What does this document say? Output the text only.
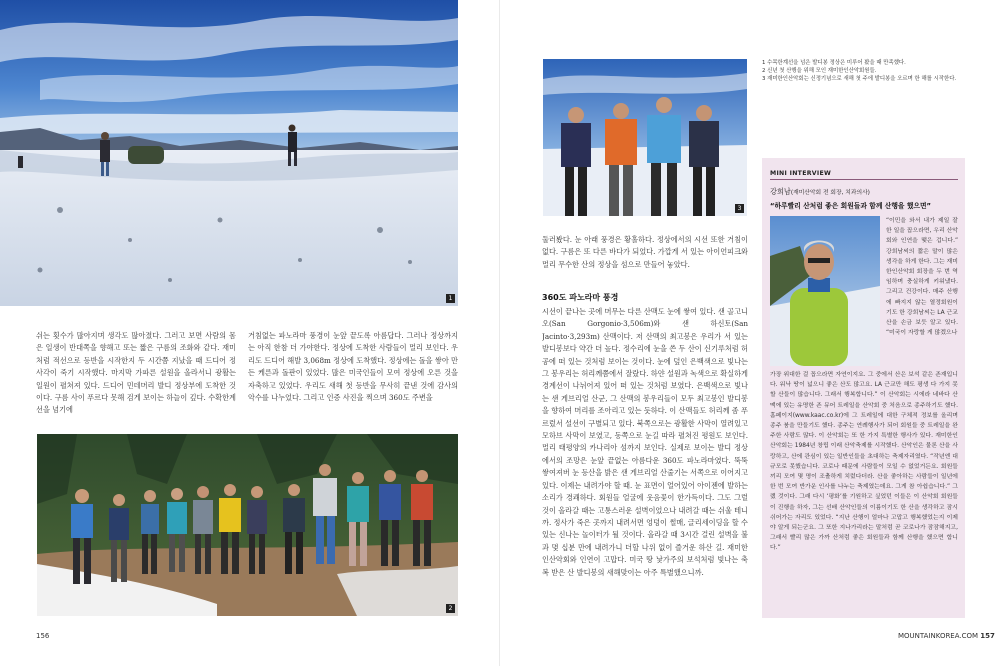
1
쉬는 횟수가 많아지며 생각도 많아졌다. 그러고 보면 사람의 몸은 일생이 반대쪽을 향해고 또는 짧은 구름의 조화와 같다. 재미처럼 적선으로 등반을 시작한지 두 시간쯤 지났을 때 드디어 정사각이 죽기 시작했다. 마지막 가파른 설원을 올라서니 광활는 일원이 펼쳐져 있다. 드디어 민데머리 발디 정상부에 도착한 것이다. 구름 사이 푸르다 못해 검게 보이는 하늘이 깊다. 수확한계선을 넘기에
거침없는 파노라마 풍경이 눈앞 끝도록 아름답다. 그러나 정상까지는 아직 한참 더 가야한다. 정상에 도착한 사람들이 멀리 보인다. 우리도 드디어 해발 3,068m 정상에 도착했다. 정상에는 돌을 쌓아 만든 케른과 돌판이 있었다. 많은 미국인들이 모여 정상에 오른 것을 자축하고 있었다. 우리도 새해 첫 등반을 무사히 끝낸 것에 감사의 악수를 나누었다. 그리고 인증 사진을 찍으며 360도 주변을
2
156
3
1 수목한계선을 넘은 발디봉 정상은 미루어 봤을 때 만족했다.
2 신년 첫 산행을 위해 모인 재미한인산악회원들.
3 재미한인산악회는 신정기념으로 새해 첫 주에 발디봉을 오르며 한 해를 시작한다.
둘러봤다. 눈 아래 풍경은 황홀하다. 정상에서의 시선 또한 거침이 없다. 구름은 또 다른 바다가 되었다. 가깝게 서 있는 아이언피크와 멀리 무수한 산의 정상을 섬으로 만들어 놓았다.
360도 파노라마 풍경
시선이 끝나는 곳에 머무는 다른 산맥도 눈에 쌓여 있다. 샌 골고니오(San Gorgonio·3,506m)와 샌 하신토(San Jacinto·3,293m) 산맥이다. 저 산맥의 최고봉은 우리가 서 있는 발디봉보다 약간 더 높다. 정수리에 눈을 쓴 두 산이 신기루처럼 허공에 떠 있는 것처럼 보이는 것이다. 눈에 덮인 은백색으로 빛나는 그 봉우리는 허리께쯤에서 잘랐다. 하얀 설원과 녹색으로 확실하게 경계선이 나뉘어져 있어 떠 있는 것처럼 보였다. 은백색으로 빛나는 샌 게브리얼 산군, 그 산맥의 봉우리들이 모두 최고봉인 발디봉을 향하여 머리를 조아리고 있는 듯하다. 이 산맥들도 허리께 좀 푸르렀서 설선이 구별되고 있다. 북쪽으로는 광활한 사막이 열려있고 모하브 사막이 보였고, 동쪽으로 눈길 따라 펼쳐진 평원도 보인다. 멀리 태평양의 카나리아 섬까지 보인다. 실제로 보이는 발디 정상에서의 조망은 눈앞 끝없는 아름다운 360도 파노라마였다. 뚝뚝 쌓여져버 눈 등산을 밝은 샌 게브리얼 산줄기는 서쪽으로 이어지고 있다. 이제는 내려가야 할 때. 눈 표면이 얼어있어 아이젠에 발하는 소리가 경쾌하다. 회원들 얼굴에 웃음꽃이 한가득이다. 그도 그럴 것이 올라갈 때는 고통스러운 설벽이었으나 내려갈 때는 쉬울 테니까. 정사가 죽은 곳까지 내려서면 엉덩이 썰매, 글리세이딩을 할 수 있는 신나는 놀이터가 될 것이다. 올라갈 때 3시간 걸린 설벽을 불과 몇 십분 만에 내려가니 더할 나위 없이 즐거운 하산 길. 재미한인산악회와 인연이 고맙다. 미국 땅 낯가주의 보석처럼 빛나는 축복 받은 산 발디봉의 새해맞이는 아주 특별했으니까.
MINI INTERVIEW
강희남(재미산악회 전 회장, 치과의사)
“하루빨리 산처럼 좋은 회원들과 함께 산행을 했으면”
“이민을 와서 내가 제일 잘한 일을 꼽으라면, 우리 산악회와 인연을 맺은 겁니다.” 강희남씨의 짧은 말이 많은 생각을 하게 한다. 그는 재미한인산악회 회장을 두 번 역임하며 충실하게 키워냈다. 그리고 건강이다. 매주 산행에 빠지지 않는 열정회원이기도 한 강희남씨는 LA 근교 산을 손금 보듯 알고 있다. “미국이 자랑할 게 많겠으나
가장 위대한 걸 꼽으라면 자연이지요. 그 중에서 산은 보석 같은 존재입니다. 워낙 땅이 넓으니 좋은 산도 많고요. LA 근교만 해도 평생 다 가지 못할 산들이 많습니다. 그래서 행복합니다.” 이 산악회는 시에라 네바다 산맥에 있는 유명한 존 뮤어 트레일을 산악회 중 처음으로 종주하기도 했다. 홈페이지(www.kaac.co.kr)에 그 트레일에 대한 구체적 정보를 올리며 종주 붐을 만들기도 했다. 종주는 연례행사가 되어 회원들 중 트레일을 완주한 사람도 많다. 이 산악회는 또 한 가지 특별한 행사가 있다. 재미한인산악회는 1984년 창립 이래 산악축제를 시작했다. 산악인은 물론 산을 사랑하고, 산에 관심이 있는 일반인들을 초대하는 축제자리였다. “작년엔 대규모로 못했습니다. 코로나 때문에 사람들이 모일 수 없었거든요. 회원들끼리 모여 몇 명이 조촐하게 치렀다더라. 산을 좋아하는 사람들이 일년에 한 번 모여 반가운 인사를 나누는 축제였는데요. 그게 참 아쉽습니다.” 그랬 것이다. 그래 다시 ‘평화’를 기원하고 싶었던 이들은 이 산악회 회원들이 진행을 하자, 그는 선배 산악인들의 이름이기도 한 산을 생각하고 잠시 쉬어가는 자리도 있었다. “지난 산행이 얼마나 고맙고 행복했었는지 이제야 알게 되는군요. 그 또한 지나가리라는 말처럼 곧 코로나가 잠잠해지고, 그래서 빨리 많은 가까 산처럼 좋은 회원들과 함께 산행을 했으면 합니다.”
MOUNTAINKOREA.COM 157
